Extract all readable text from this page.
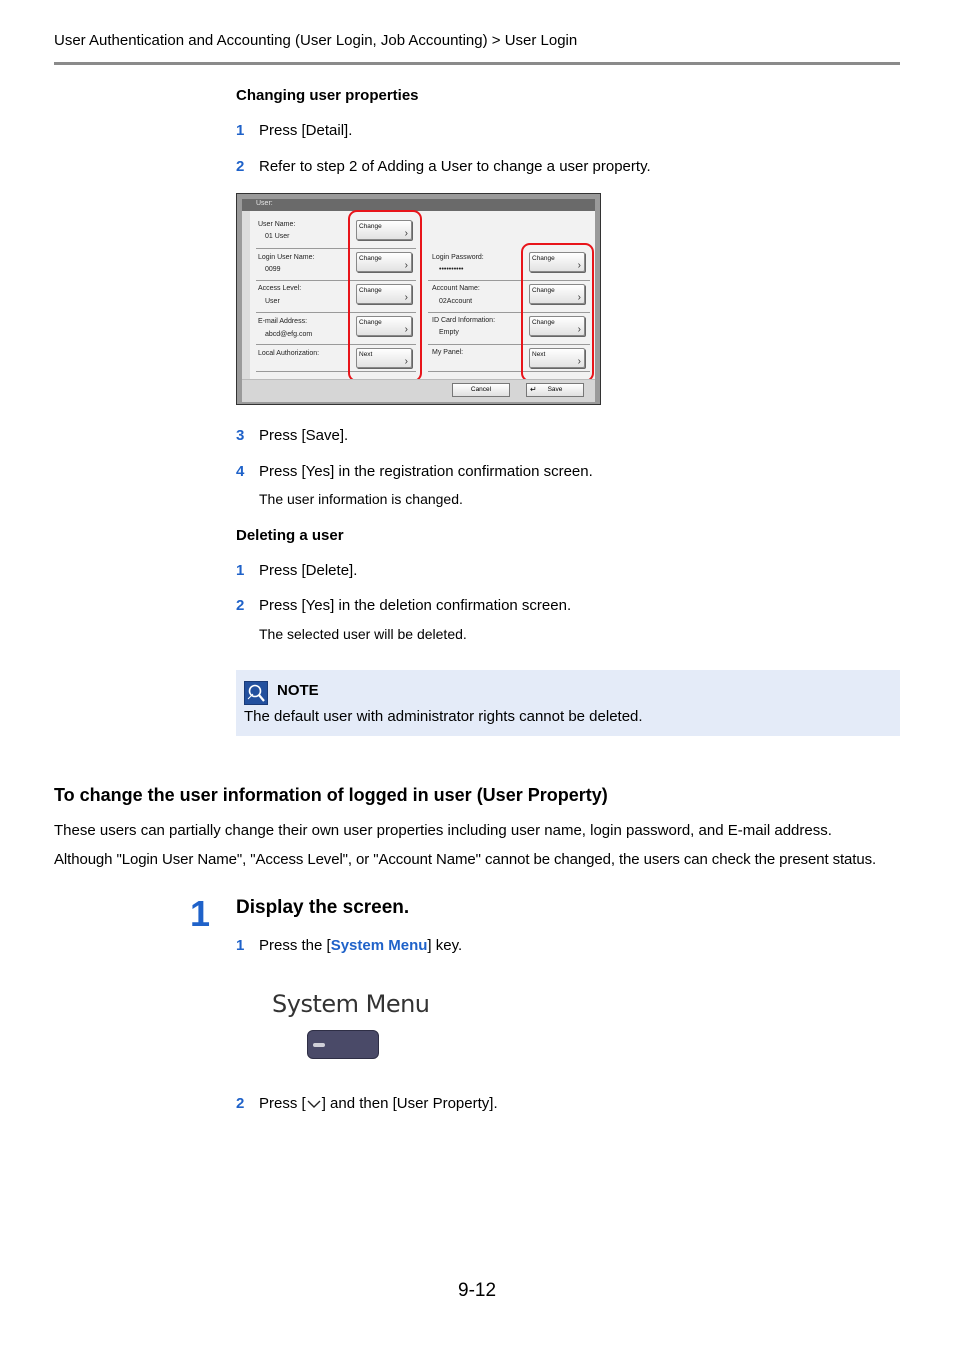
User Authentication and Accounting (User Login, Job Accounting) > User Login
Changing user properties
1 Press [Detail].
2 Refer to step 2 of Adding a User to change a user property.
User:
User Name:
01 User
Change
›
Login User Name:
0099
Change
›
Access Level:
User
Change
›
E-mail Address:
abcd@efg.com
Change
›
Local Authorization:	Next
›
Login Password:
••••••••••
Change
›
Account Name:
02Account
Change
›
ID Card Information:
Empty
Change
›
My Panel:	Next
›
Cancel	↵ Save
3 Press [Save].
4 Press [Yes] in the registration confirmation screen.
The user information is changed.
Deleting a user
1 Press [Delete].
2 Press [Yes] in the deletion confirmation screen.
The selected user will be deleted.
NOTE
The default user with administrator rights cannot be deleted.
To change the user information of logged in user (User Property)
These users can partially change their own user properties including user name, login password, and E-mail address.
Although "Login User Name", "Access Level", or "Account Name" cannot be changed, the users can check the present status.
1 Display the screen.
1 Press the [System Menu] key.
System Menu
2 Press [ ] and then [User Property].
9-12
